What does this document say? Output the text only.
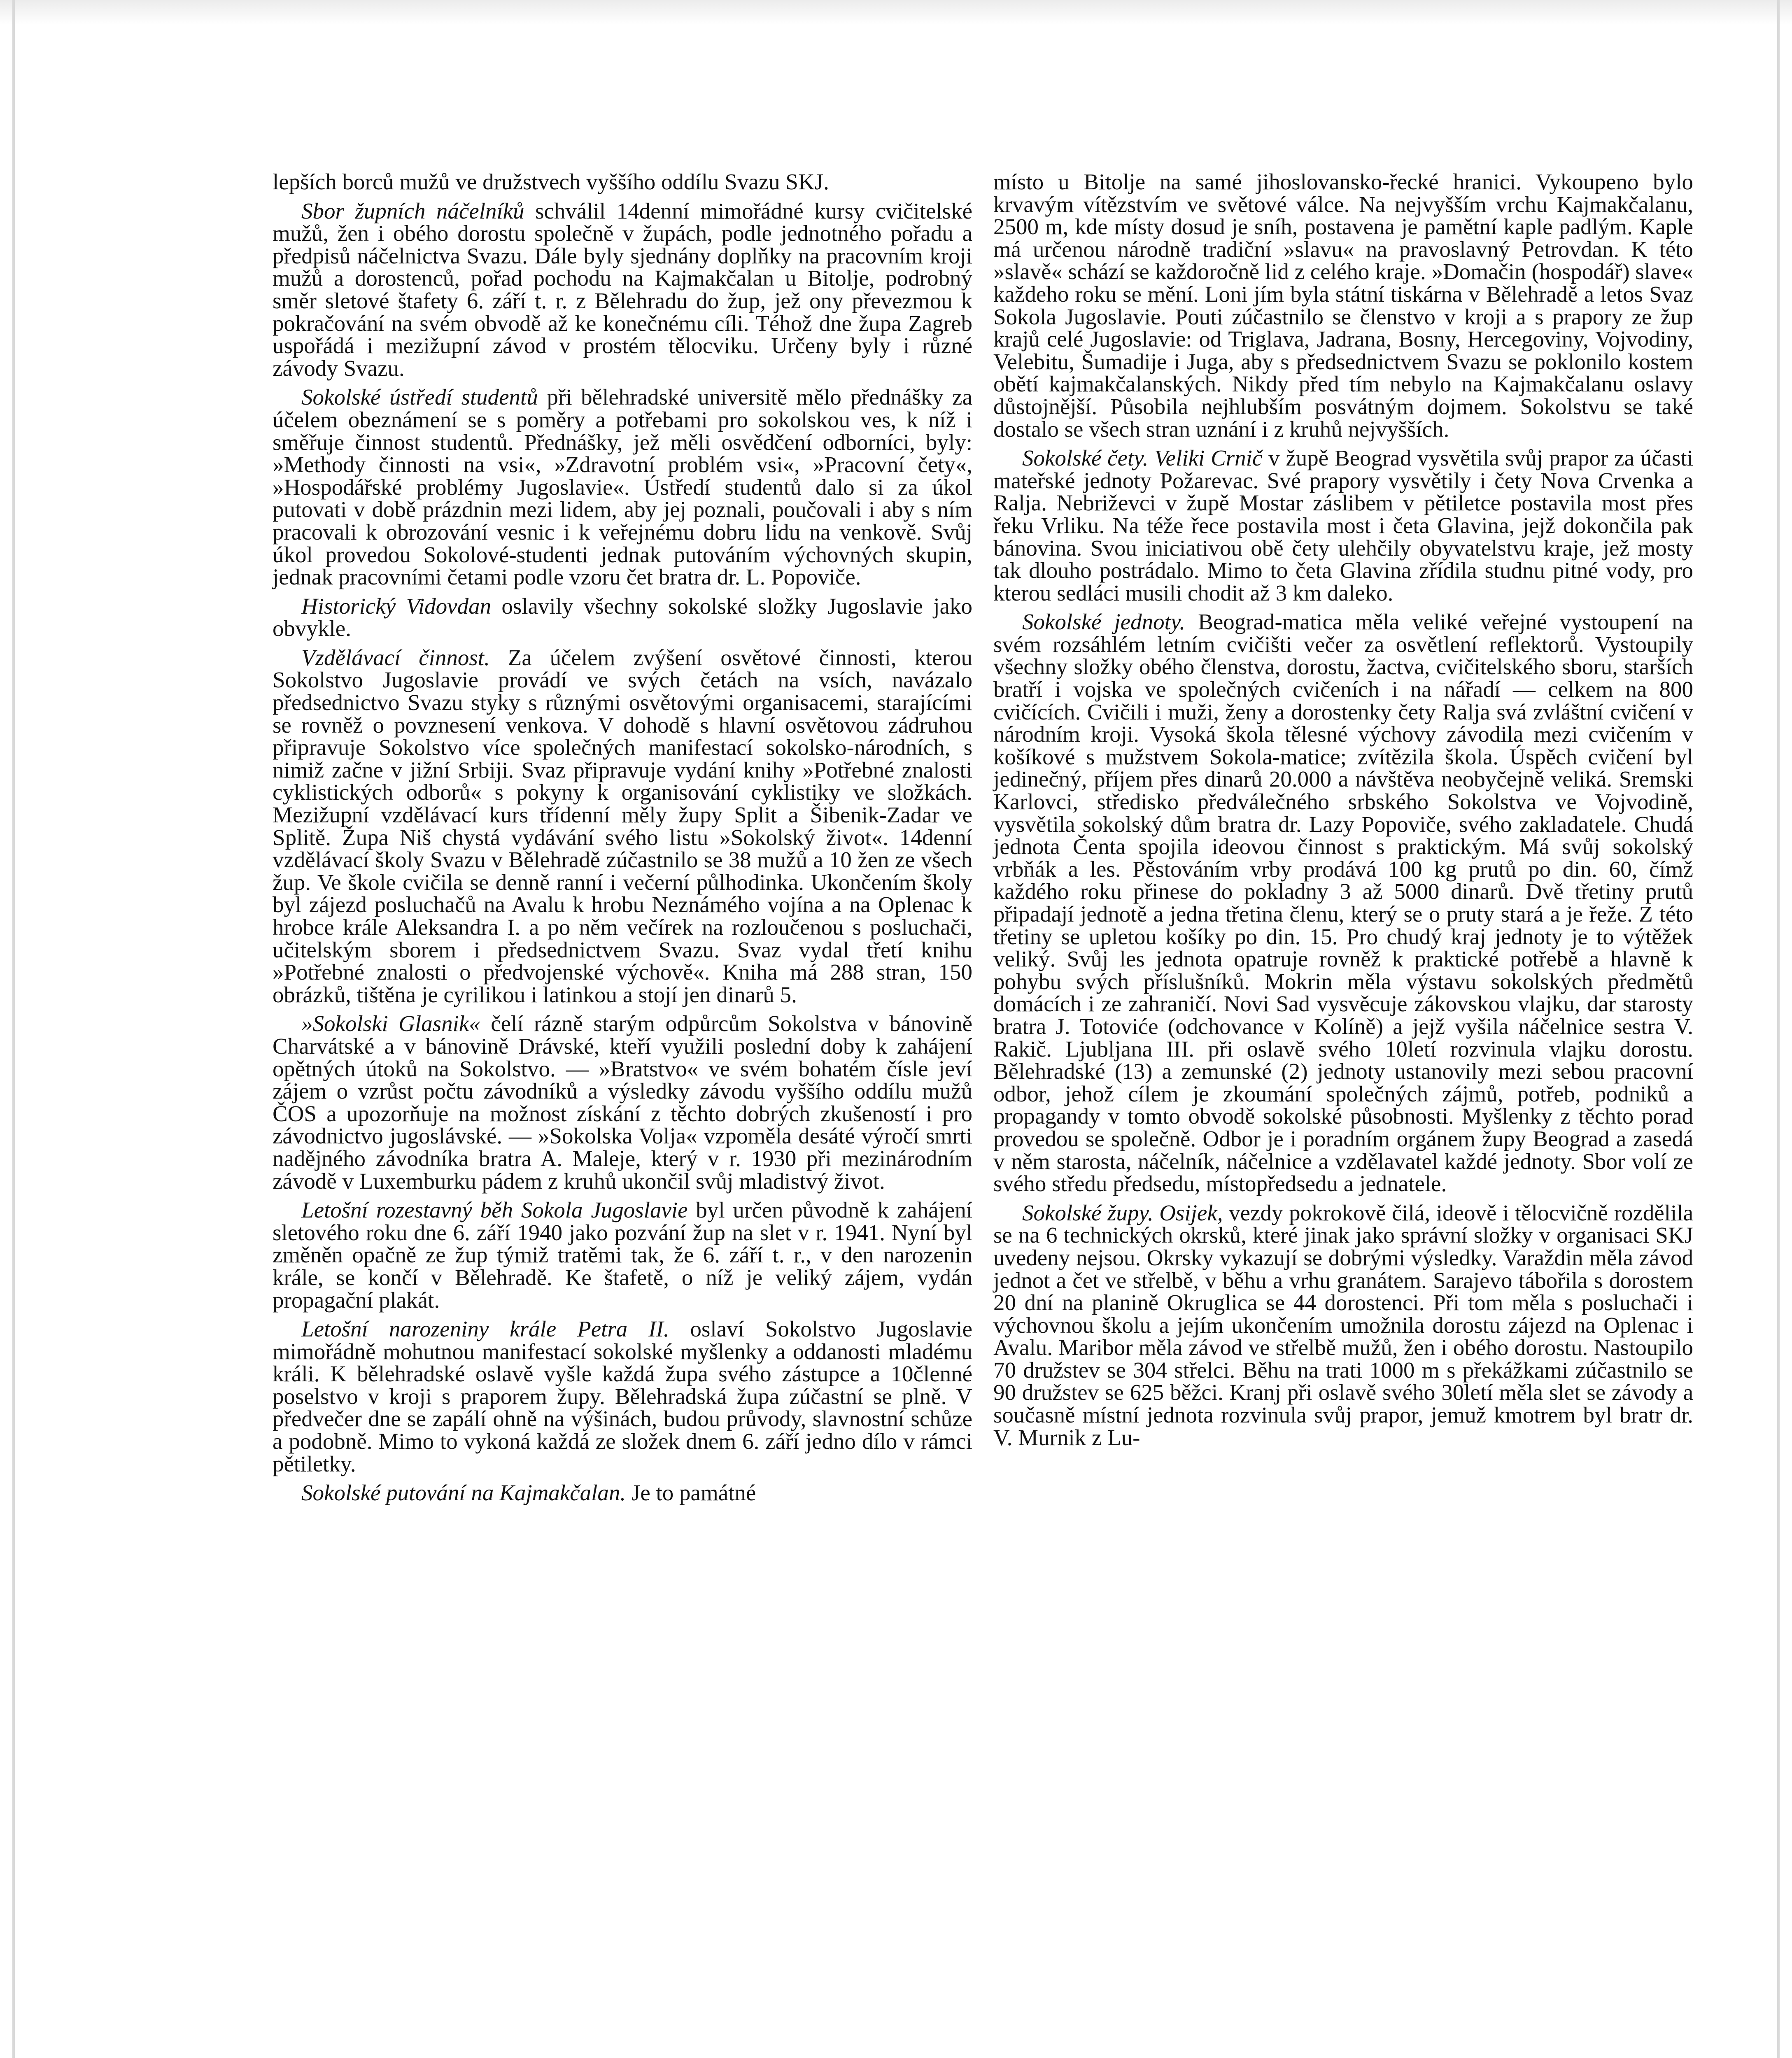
lepších borců mužů ve družstvech vyššího oddílu Svazu SKJ.

Sbor župních náčelníků schválil 14denní mimořádné kursy cvičitelské mužů, žen i obého dorostu společně v župách, podle jednotného pořadu a předpisů náčelnictva Svazu. Dále byly sjednány doplňky na pracovním kroji mužů a dorostenců, pořad pochodu na Kajmakčalan u Bitolje, podrobný směr sletové štafety 6. září t. r. z Bělehradu do žup, jež ony převezmou k pokračování na svém obvodě až ke konečnému cíli. Téhož dne župa Zagreb uspořádá i mezižupní závod v prostém tělocviku. Určeny byly i různé závody Svazu.

Sokolské ústředí studentů při bělehradské universitě mělo přednášky za účelem obeznámení se s poměry a potřebami pro sokolskou ves, k níž i směřuje činnost studentů. Přednášky, jež měli osvědčení odborníci, byly: »Methody činnosti na vsi«, »Zdravotní problém vsi«, »Pracovní čety«, »Hospodářské problémy Jugoslavie«. Ústředí studentů dalo si za úkol putovati v době prázdnin mezi lidem, aby jej poznali, poučovali i aby s ním pracovali k obrozování vesnic i k veřejnému dobru lidu na venkově. Svůj úkol provedou Sokolové-studenti jednak putováním výchovných skupin, jednak pracovními četami podle vzoru čet bratra dr. L. Popoviče.

Historický Vidovdan oslavily všechny sokolské složky Jugoslavie jako obvykle.

Vzdělávací činnost. Za účelem zvýšení osvětové činnosti, kterou Sokolstvo Jugoslavie provádí ve svých četách na vsích, navázalo předsednictvo Svazu styky s různými osvětovými organisacemi, starajícími se rovněž o povznesení venkova. V dohodě s hlavní osvětovou zádruhou připravuje Sokolstvo více společných manifestací sokolsko-národních, s nimiž začne v jižní Srbiji. Svaz připravuje vydání knihy »Potřebné znalosti cyklistických odborů« s pokyny k organisování cyklistiky ve složkách. Mezižupní vzdělávací kurs třídenní měly župy Split a Šibenik-Zadar ve Splitě. Župa Niš chystá vydávání svého listu »Sokolský život«. 14denní vzdělávací školy Svazu v Bělehradě zúčastnilo se 38 mužů a 10 žen ze všech žup. Ve škole cvičila se denně ranní i večerní půlhodinka. Ukončením školy byl zájezd posluchačů na Avalu k hrobu Neznámého vojína a na Oplenac k hrobce krále Aleksandra I. a po něm večírek na rozloučenou s posluchači, učitelským sborem i předsednictvem Svazu. Svaz vydal třetí knihu »Potřebné znalosti o předvojenské výchově«. Kniha má 288 stran, 150 obrázků, tištěna je cyrilikou i latinkou a stojí jen dinarů 5.

»Sokolski Glasnik« čelí rázně starým odpůrcům Sokolstva v bánovině Charvátské a v bánovině Drávské, kteří využili poslední doby k zahájení opětných útoků na Sokolstvo. — »Bratstvo« ve svém bohatém čísle jeví zájem o vzrůst počtu závodníků a výsledky závodu vyššího oddílu mužů ČOS a upozorňuje na možnost získání z těchto dobrých zkušeností i pro závodnictvo jugoslávské. — »Sokolska Volja« vzpoměla desáté výročí smrti nadějného závodníka bratra A. Maleje, který v r. 1930 při mezinárodním závodě v Luxemburku pádem z kruhů ukončil svůj mladistvý život.

Letošní rozestavný běh Sokola Jugoslavie byl určen původně k zahájení sletového roku dne 6. září 1940 jako pozvání žup na slet v r. 1941. Nyní byl změněn opačně ze žup týmiž tratěmi tak, že 6. září t. r., v den narozenin krále, se končí v Bělehradě. Ke štafetě, o níž je veliký zájem, vydán propagační plakát.

Letošní narozeniny krále Petra II. oslaví Sokolstvo Jugoslavie mimořádně mohutnou manifestací sokolské myšlenky a oddanosti mladému králi. K bělehradské oslavě vyšle každá župa svého zástupce a 10členné poselstvo v kroji s praporem župy. Bělehradská župa zúčastní se plně. V předvečer dne se zapálí ohně na výšinách, budou průvody, slavnostní schůze a podobně. Mimo to vykoná každá ze složek dnem 6. září jedno dílo v rámci pětiletky.

Sokolské putování na Kajmakčalan. Je to památné

místo u Bitolje na samé jihoslovansko-řecké hranici. Vykoupeno bylo krvavým vítězstvím ve světové válce. Na nejvyšším vrchu Kajmakčalanu, 2500 m, kde místy dosud je sníh, postavena je pamětní kaple padlým. Kaple má určenou národně tradiční »slavu« na pravoslavný Petrovdan. K této »slavě« schází se každoročně lid z celého kraje. »Domačin (hospodář) slave« každeho roku se mění. Loni jím byla státní tiskárna v Bělehradě a letos Svaz Sokola Jugoslavie. Pouti zúčastnilo se členstvo v kroji a s prapory ze žup krajů celé Jugoslavie: od Triglava, Jadrana, Bosny, Hercegoviny, Vojvodiny, Velebitu, Šumadije i Juga, aby s předsednictvem Svazu se poklonilo kostem obětí kajmakčalanských. Nikdy před tím nebylo na Kajmakčalanu oslavy důstojnější. Působila nejhlubším posvátným dojmem. Sokolstvu se také dostalo se všech stran uznání i z kruhů nejvyšších.

Sokolské čety. Veliki Crnič v župě Beograd vysvětila svůj prapor za účasti mateřské jednoty Požarevac. Své prapory vysvětily i čety Nova Crvenka a Ralja. Nebriževci v župě Mostar záslibem v pětiletce postavila most přes řeku Vrliku. Na téže řece postavila most i četa Glavina, jejž dokončila pak bánovina. Svou iniciativou obě čety ulehčily obyvatelstvu kraje, jež mosty tak dlouho postrádalo. Mimo to četa Glavina zřídila studnu pitné vody, pro kterou sedláci musili chodit až 3 km daleko.

Sokolské jednoty. Beograd-matica měla veliké veřejné vystoupení na svém rozsáhlém letním cvičišti večer za osvětlení reflektorů. Vystoupily všechny složky obého členstva, dorostu, žactva, cvičitelského sboru, starších bratří i vojska ve společných cvičeních i na nářadí — celkem na 800 cvičících. Cvičili i muži, ženy a dorostenky čety Ralja svá zvláštní cvičení v národním kroji. Vysoká škola tělesné výchovy závodila mezi cvičením v košíkové s mužstvem Sokola-matice; zvítězila škola. Úspěch cvičení byl jedinečný, příjem přes dinarů 20.000 a návštěva neobyčejně veliká. Sremski Karlovci, středisko předválečného srbského Sokolstva ve Vojvodině, vysvětila sokolský dům bratra dr. Lazy Popoviče, svého zakladatele. Chudá jednota Čenta spojila ideovou činnost s praktickým. Má svůj sokolský vrbňák a les. Pěstováním vrby prodává 100 kg prutů po din. 60, čímž každého roku přinese do pokladny 3 až 5000 dinarů. Dvě třetiny prutů připadají jednotě a jedna třetina členu, který se o pruty stará a je řeže. Z této třetiny se upletou košíky po din. 15. Pro chudý kraj jednoty je to výtěžek veliký. Svůj les jednota opatruje rovněž k praktické potřebě a hlavně k pohybu svých příslušníků. Mokrin měla výstavu sokolských předmětů domácích i ze zahraničí. Novi Sad vysvěcuje zákovskou vlajku, dar starosty bratra J. Totoviće (odchovance v Kolíně) a jejž vyšila náčelnice sestra V. Rakič. Ljubljana III. při oslavě svého 10letí rozvinula vlajku dorostu. Bělehradské (13) a zemunské (2) jednoty ustanovily mezi sebou pracovní odbor, jehož cílem je zkoumání společných zájmů, potřeb, podniků a propagandy v tomto obvodě sokolské působnosti. Myšlenky z těchto porad provedou se společně. Odbor je i poradním orgánem župy Beograd a zasedá v něm starosta, náčelník, náčelnice a vzdělavatel každé jednoty. Sbor volí ze svého středu předsedu, místopředsedu a jednatele.

Sokolské župy. Osijek, vezdy pokrokově čilá, ideově i tělocvičně rozdělila se na 6 technických okrsků, které jinak jako správní složky v organisaci SKJ uvedeny nejsou. Okrsky vykazují se dobrými výsledky. Varaždin měla závod jednot a čet ve střelbě, v běhu a vrhu granátem. Sarajevo tábořila s dorostem 20 dní na planině Okruglica se 44 dorostenci. Při tom měla s posluchači i výchovnou školu a jejím ukončením umožnila dorostu zájezd na Oplenac i Avalu. Maribor měla závod ve střelbě mužů, žen i obého dorostu. Nastoupilo 70 družstev se 304 střelci. Běhu na trati 1000 m s překážkami zúčastnilo se 90 družstev se 625 běžci. Kranj při oslavě svého 30letí měla slet se závody a současně místní jednota rozvinula svůj prapor, jemuž kmotrem byl bratr dr. V. Murnik z Lu-
